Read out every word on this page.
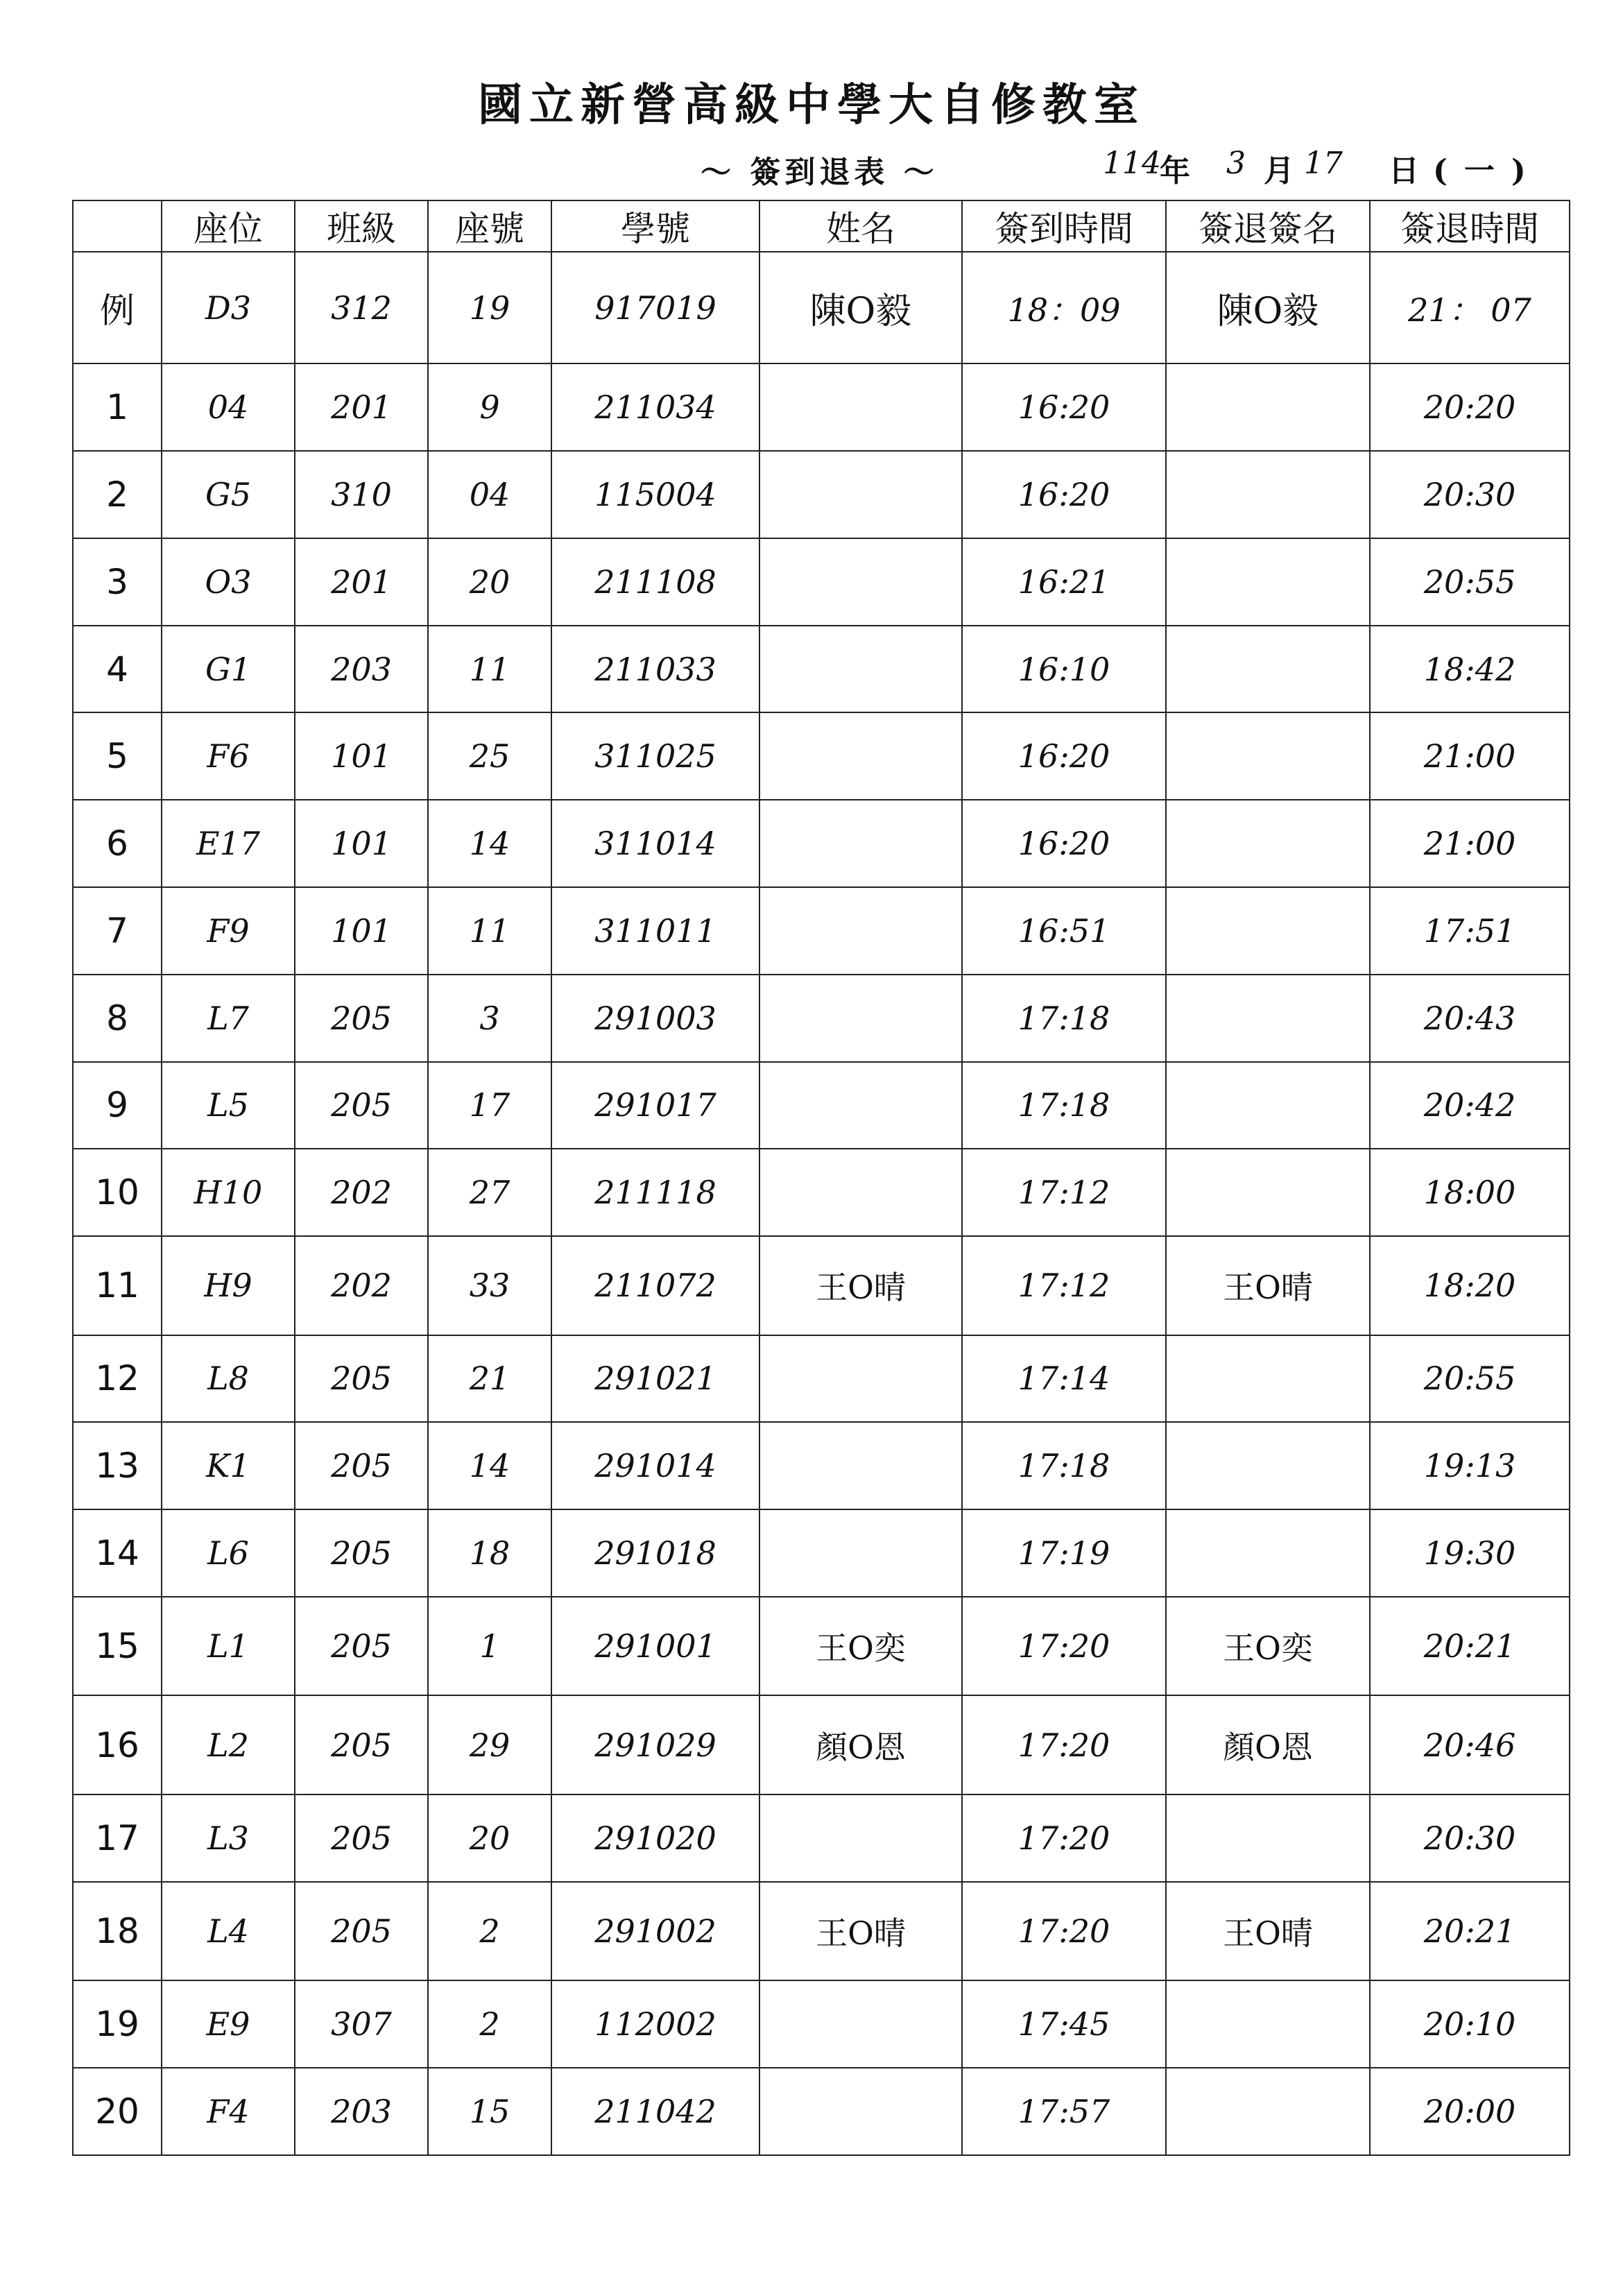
國立新營高級中學大自修教室
～ 簽到退表 ～	114
年 3 月 17 日 (一)
	座位	班級	座號	學號	姓名	簽到時間	簽退簽名	簽退時間
例	D3	312	19	917019	陳O毅	18：09	陳O毅	21： 07
1	04	201	9	211034		16:20		20:20
2	G5	310	04	115004		16:20		20:30
3	O3	201	20	211108		16:21		20:55
4	G1	203	11	211033		16:10		18:42
5	F6	101	25	311025		16:20		21:00
6	E17	101	14	311014		16:20		21:00
7	F9	101	11	311011		16:51		17:51
8	L7	205	3	291003		17:18		20:43
9	L5	205	17	291017		17:18		20:42
10	H10	202	27	211118		17:12		18:00
11	H9	202	33	211072	王O晴	17:12	王O晴	18:20
12	L8	205	21	291021		17:14		20:55
13	K1	205	14	291014		17:18		19:13
14	L6	205	18	291018		17:19		19:30
15	L1	205	1	291001	王O奕	17:20	王O奕	20:21
16	L2	205	29	291029	顏O恩	17:20	顏O恩	20:46
17	L3	205	20	291020		17:20		20:30
18	L4	205	2	291002	王O晴	17:20	王O晴	20:21
19	E9	307	2	112002		17:45		20:10
20	F4	203	15	211042		17:57		20:00
